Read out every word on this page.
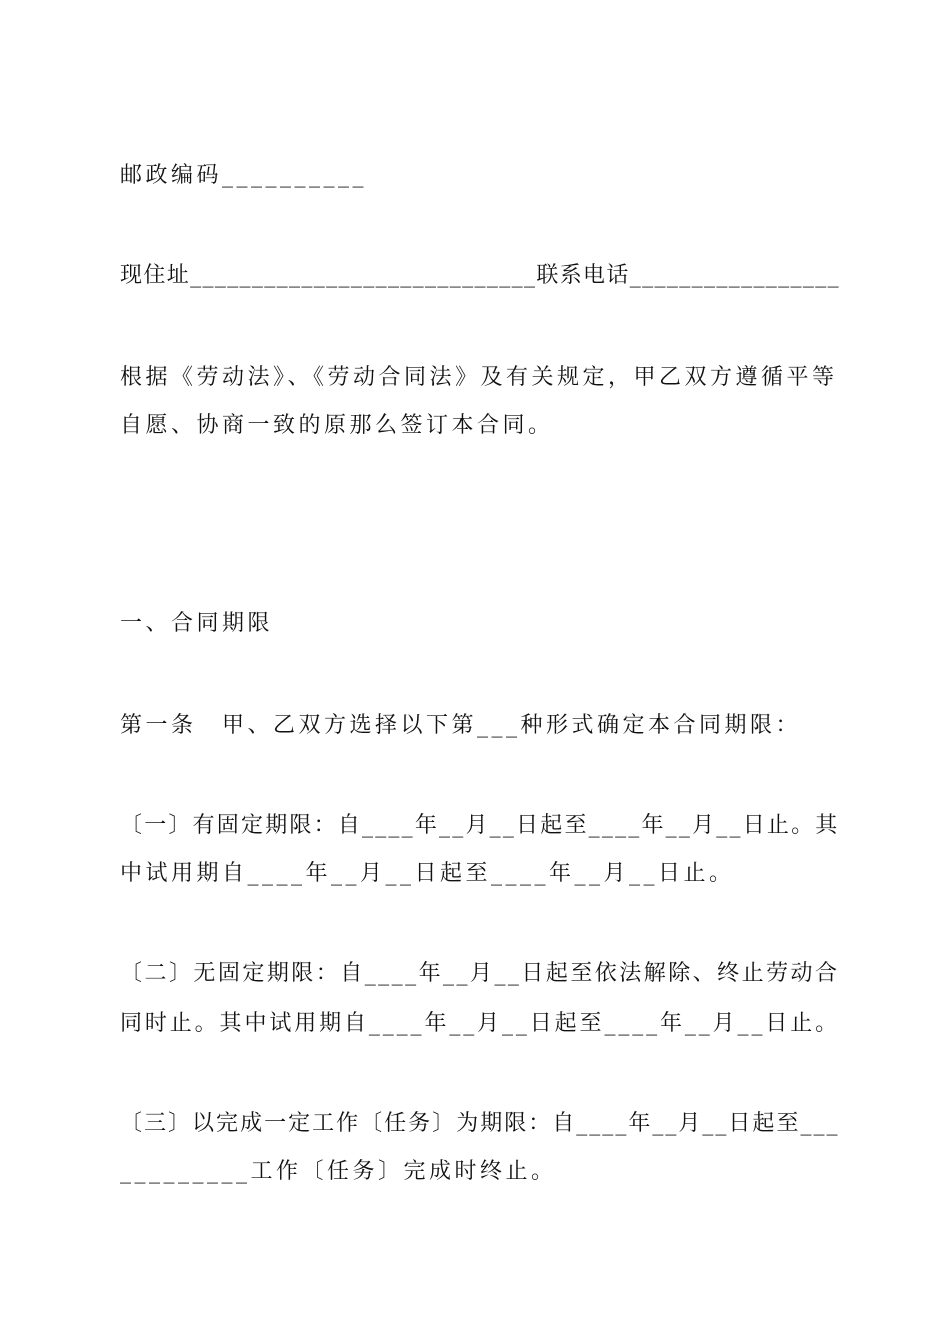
邮政编码__________
现住址____________________________联系电话_________________
根据《劳动法》、《劳动合同法》及有关规定，甲乙双方遵循平等
自愿、协商一致的原那么签订本合同。
一、合同期限
第一条　甲、乙双方选择以下第___种形式确定本合同期限：
〔一〕有固定期限：自____年__月__日起至____年__月__日止。其
中试用期自____年__月__日起至____年__月__日止。
〔二〕无固定期限：自____年__月__日起至依法解除、终止劳动合
同时止。其中试用期自____年__月__日起至____年__月__日止。
〔三〕以完成一定工作〔任务〕为期限：自____年__月__日起至___
_________工作〔任务〕完成时终止。
